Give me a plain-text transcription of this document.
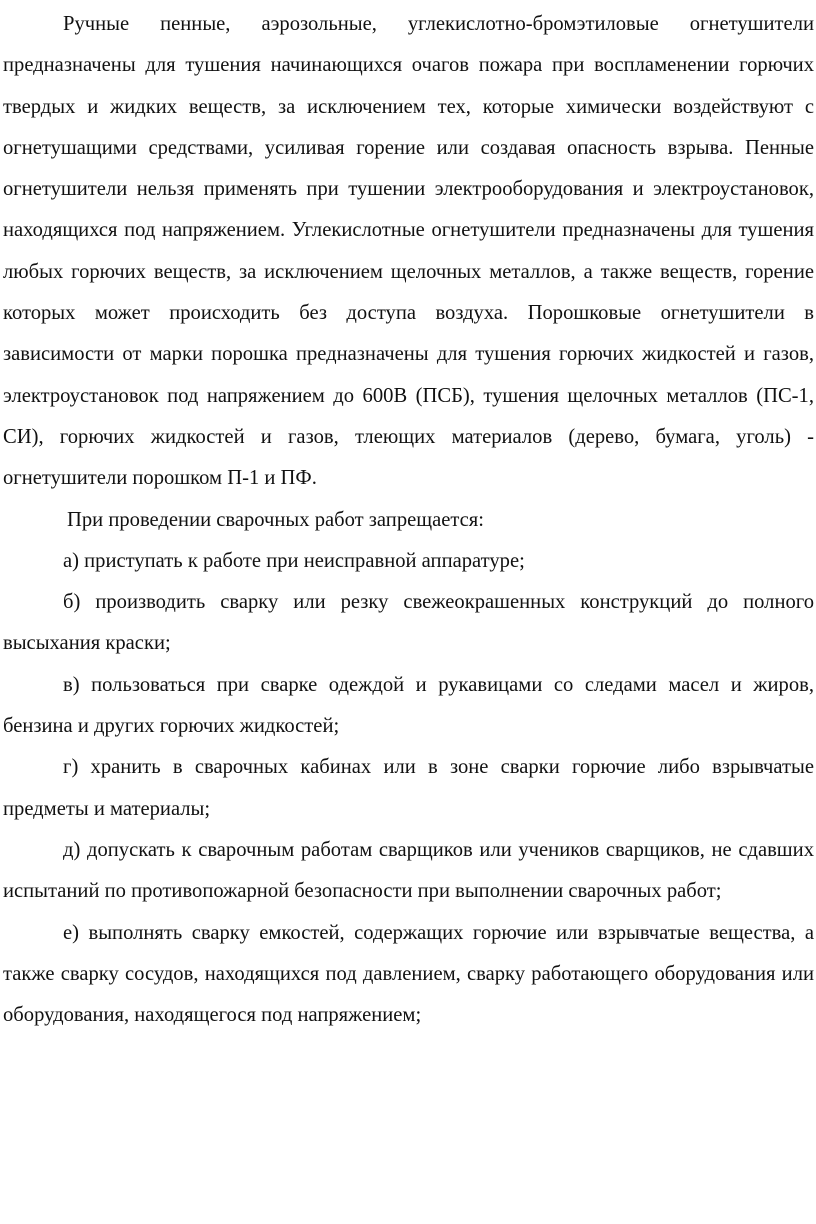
Ручные пенные, аэрозольные, углекислотно-бромэтиловые огнетушители предназначены для тушения начинающихся очагов пожара при воспламенении горючих твердых и жидких веществ, за исключением тех, которые химически воздействуют с огнетушащими средствами, усиливая горение или создавая опасность взрыва. Пенные огнетушители нельзя применять при тушении электрооборудования и электроустановок, находящихся под напряжением. Углекислотные огнетушители предназначены для тушения любых горючих веществ, за исключением щелочных металлов, а также веществ, горение которых может происходить без доступа воздуха. Порошковые огнетушители в зависимости от марки порошка предназначены для тушения горючих жидкостей и газов, электроустановок под напряжением до 600В (ПСБ), тушения щелочных металлов (ПС-1, СИ), горючих жидкостей и газов, тлеющих материалов (дерево, бумага, уголь) - огнетушители порошком П-1 и ПФ.

При проведении сварочных работ запрещается:

а) приступать к работе при неисправной аппаратуре;

б) производить сварку или резку свежеокрашенных конструкций до полного высыхания краски;

в) пользоваться при сварке одеждой и рукавицами со следами масел и жиров, бензина и других горючих жидкостей;

г) хранить в сварочных кабинах или в зоне сварки горючие либо взрывчатые предметы и материалы;

д) допускать к сварочным работам сварщиков или учеников сварщиков, не сдавших испытаний по противопожарной безопасности при выполнении сварочных работ;

е) выполнять сварку емкостей, содержащих горючие или взрывчатые вещества, а также сварку сосудов, находящихся под давлением, сварку работающего оборудования или оборудования, находящегося под напряжением;
